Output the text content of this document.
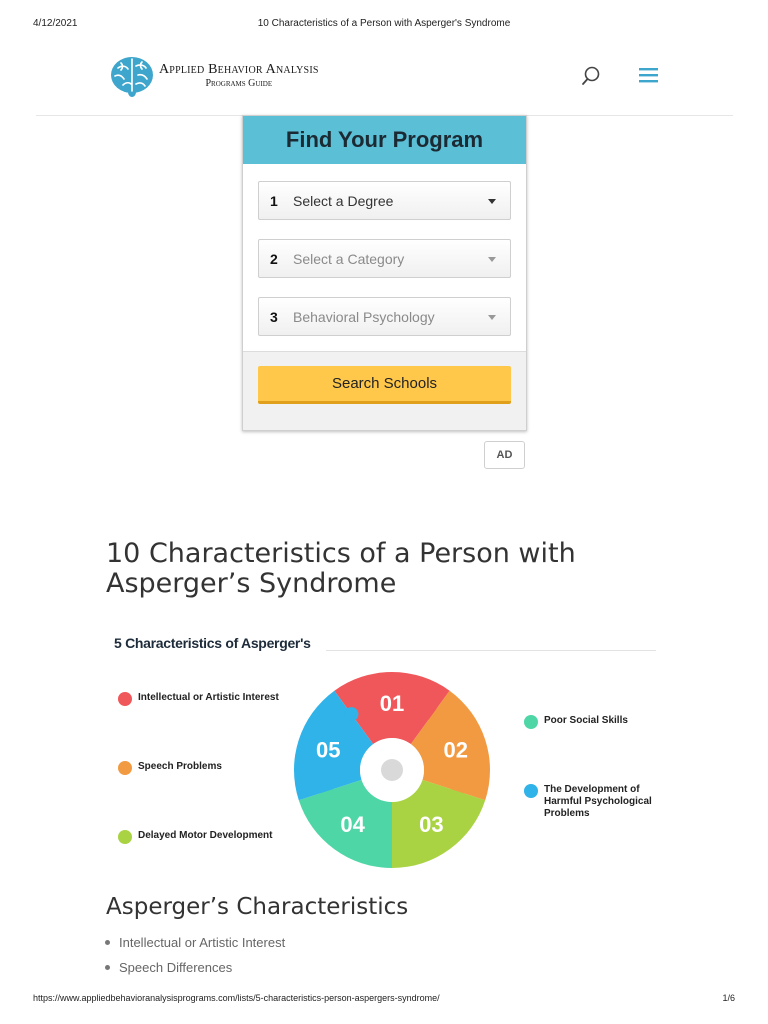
4/12/2021	10 Characteristics of a Person with Asperger's Syndrome
Applied Behavior Analysis
Programs Guide
Find Your Program
1 Select a Degree
2 Select a Category
3 Behavioral Psychology
Search Schools
AD
10 Characteristics of a Person with Asperger’s Syndrome
5 Characteristics of Asperger's
Intellectual or Artistic Interest
Speech Problems
Delayed Motor Development
Poor Social Skills
The Development of Harmful Psychological Problems
01
02
03
04
05
Asperger’s Characteristics
Intellectual or Artistic Interest
Speech Differences
https://www.appliedbehavioranalysisprograms.com/lists/5-characteristics-person-aspergers-syndrome/	1/6
